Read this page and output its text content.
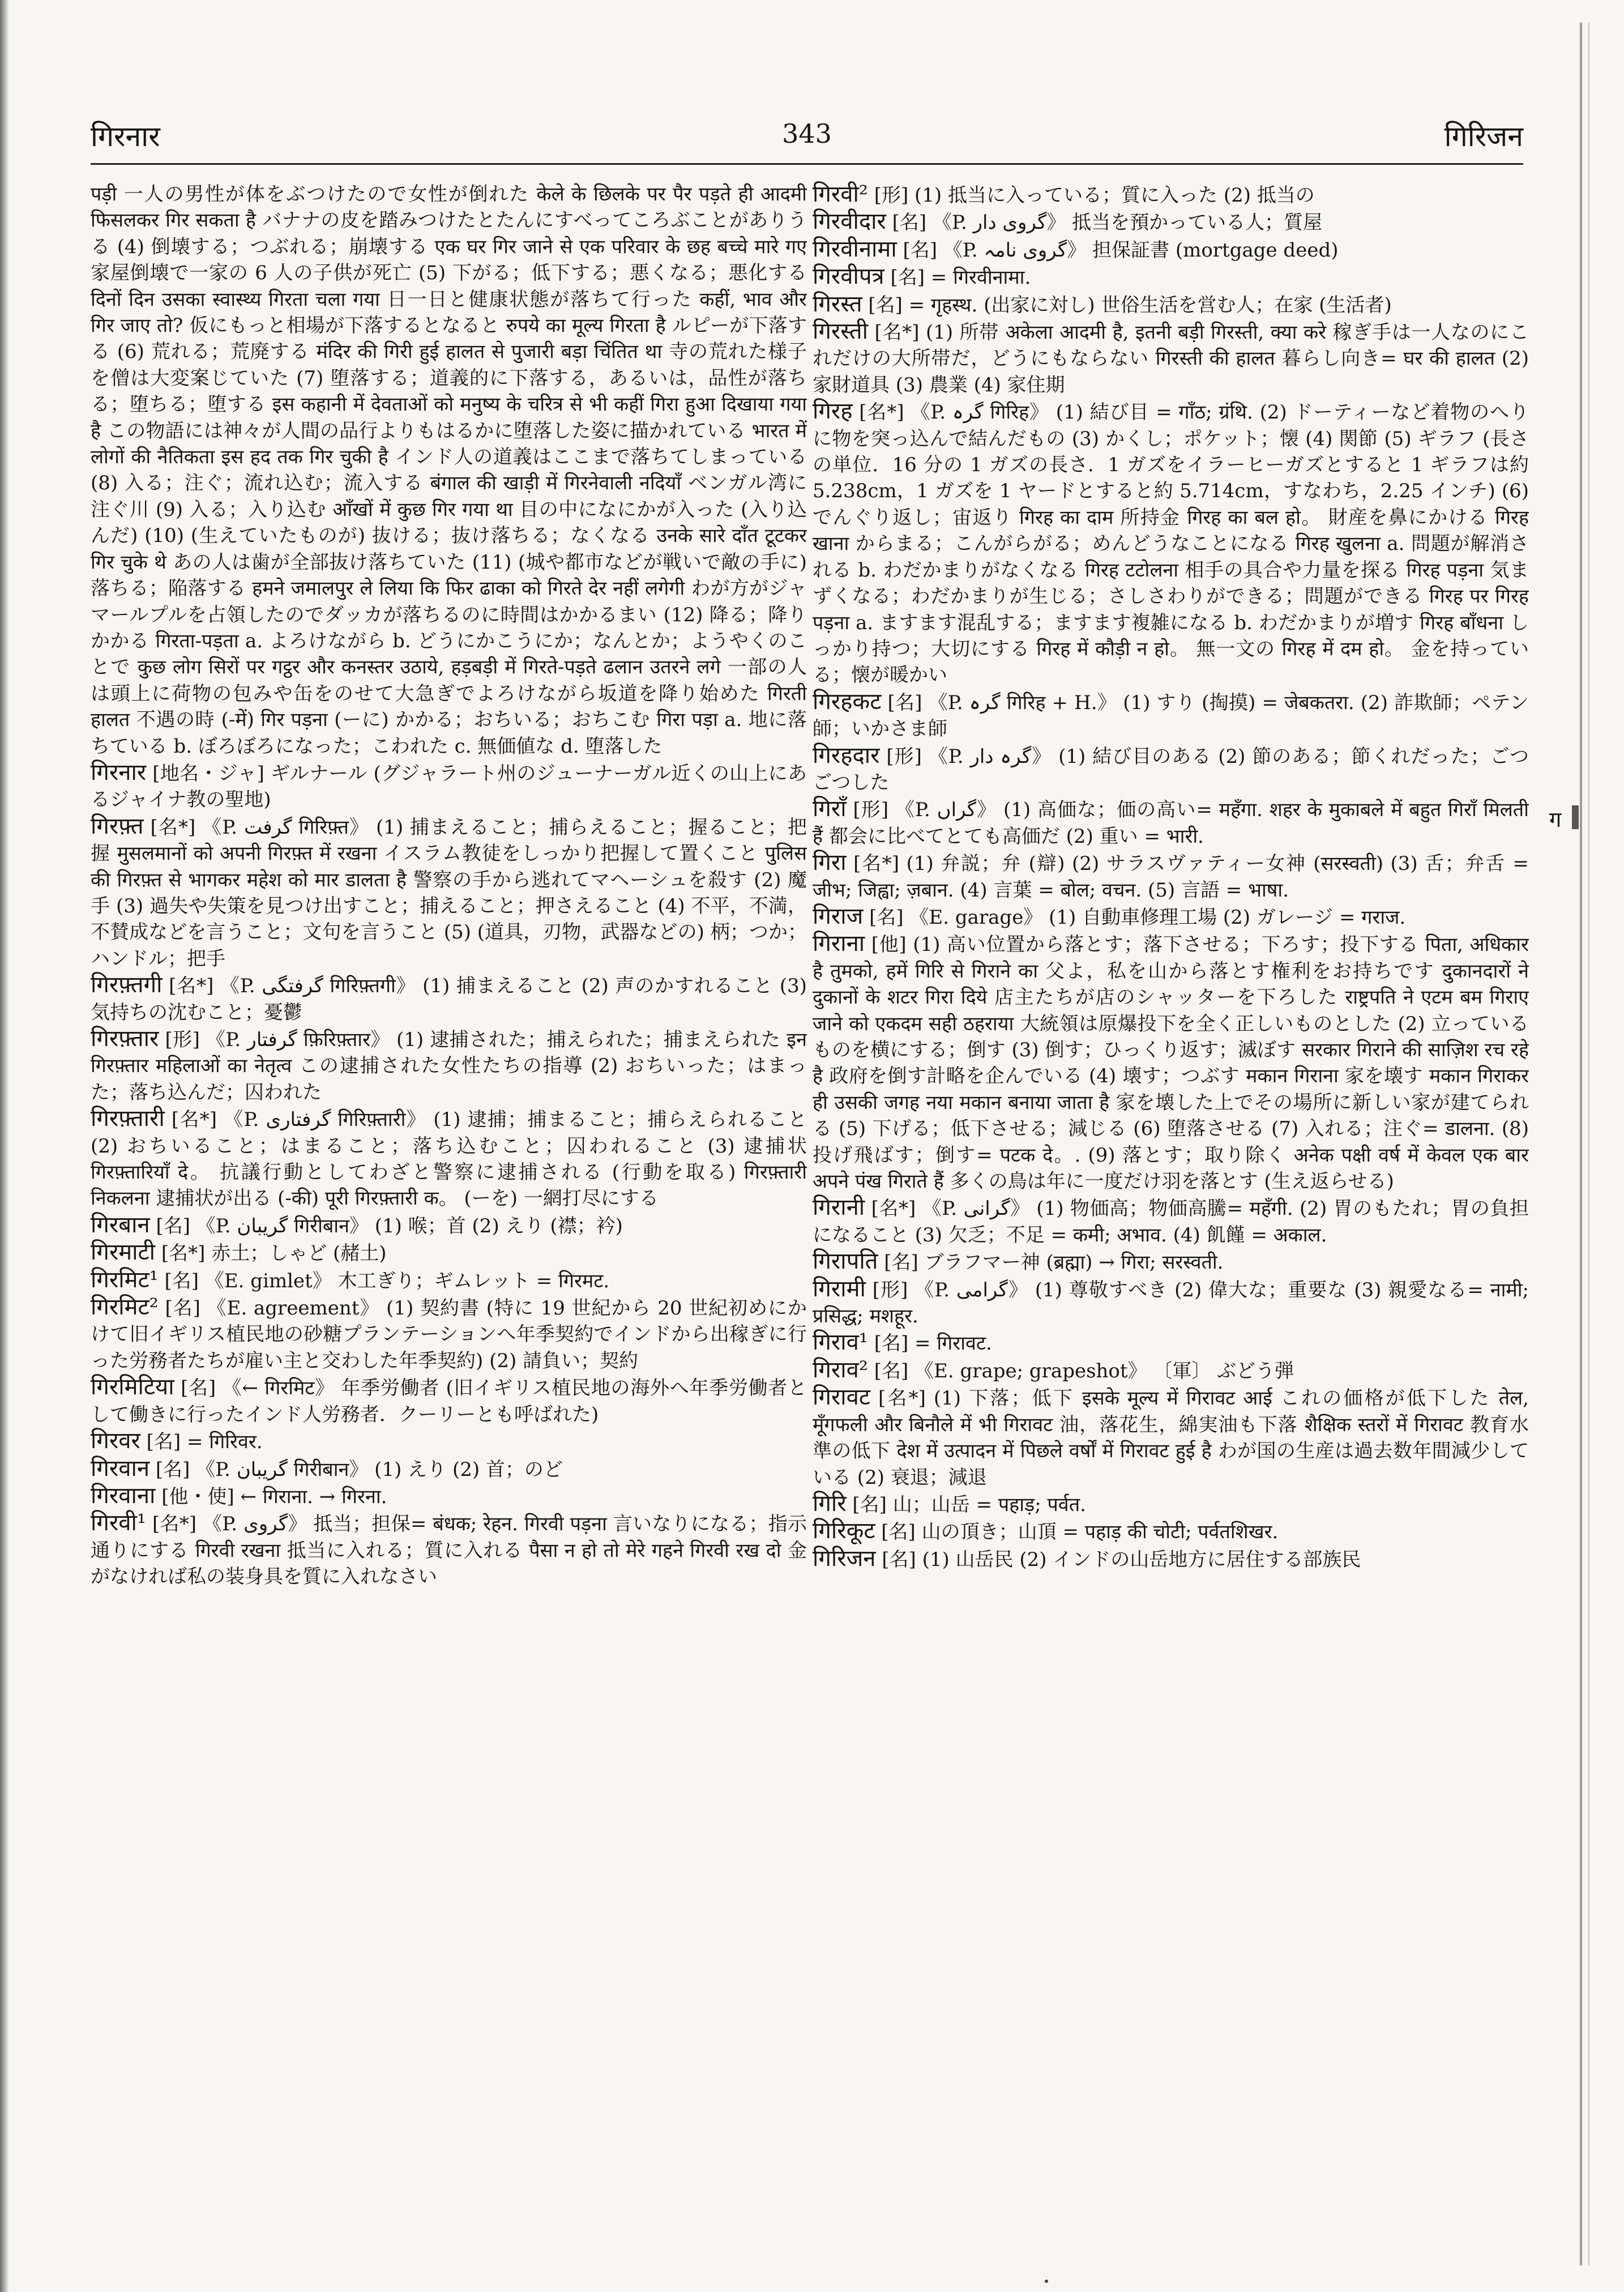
गिरनार	343	गिरिजन

पड़ी 一人の男性が体をぶつけたので女性が倒れた केले के छिलके पर पैर पड़ते ही आदमी फिसलकर गिर सकता है バナナの皮を踏みつけたとたんにすべってころぶことがありうる (4) 倒壊する；つぶれる；崩壊する एक घर गिर जाने से एक परिवार के छह बच्चे मारे गए 家屋倒壊で一家の 6 人の子供が死亡 (5) 下がる；低下する；悪くなる；悪化する दिनों दिन उसका स्वास्थ्य गिरता चला गया 日一日と健康状態が落ちて行った कहीं, भाव और गिर जाए तो? 仮にもっと相場が下落するとなると रुपये का मूल्य गिरता है ルピーが下落する (6) 荒れる；荒廃する मंदिर की गिरी हुई हालत से पुजारी बड़ा चिंतित था 寺の荒れた様子を僧は大変案じていた (7) 堕落する；道義的に下落する，あるいは，品性が落ちる；堕ちる；堕する इस कहानी में देवताओं को मनुष्य के चरित्र से भी कहीं गिरा हुआ दिखाया गया है この物語には神々が人間の品行よりもはるかに堕落した姿に描かれている भारत में लोगों की नैतिकता इस हद तक गिर चुकी है インド人の道義はここまで落ちてしまっている (8) 入る；注ぐ；流れ込む；流入する बंगाल की खाड़ी में गिरनेवाली नदियाँ ベンガル湾に注ぐ川 (9) 入る；入り込む आँखों में कुछ गिर गया था 目の中になにかが入った (入り込んだ) (10) (生えていたものが) 抜ける；抜け落ちる；なくなる उनके सारे दाँत टूटकर गिर चुके थे あの人は歯が全部抜け落ちていた (11) (城や都市などが戦いで敵の手に) 落ちる；陥落する हमने जमालपुर ले लिया कि फिर ढाका को गिरते देर नहीं लगेगी わが方がジャマールプルを占領したのでダッカが落ちるのに時間はかかるまい (12) 降る；降りかかる गिरता-पड़ता a. よろけながら b. どうにかこうにか；なんとか；ようやくのことで कुछ लोग सिरों पर गट्ठर और कनस्तर उठाये, हड़बड़ी में गिरते-पड़ते ढलान उतरने लगे 一部の人は頭上に荷物の包みや缶をのせて大急ぎでよろけながら坂道を降り始めた गिरती हालत 不遇の時 (-में) गिर पड़ना (ーに) かかる；おちいる；おちこむ गिरा पड़ा a. 地に落ちている b. ぼろぼろになった；こわれた c. 無価値な d. 堕落した

गिरनार [地名・ジャ] ギルナール (グジャラート州のジューナーガル近くの山上にあるジャイナ教の聖地)

गिरफ़्त [名*] 《P. گرفت गिरिफ़्त》 (1) 捕まえること；捕らえること；握ること；把握 मुसलमानों को अपनी गिरफ़्त में रखना イスラム教徒をしっかり把握して置くこと पुलिस की गिरफ़्त से भागकर महेश को मार डालता है 警察の手から逃れてマヘーシュを殺す (2) 魔手 (3) 過失や失策を見つけ出すこと；捕えること；押さえること (4) 不平，不満，不賛成などを言うこと；文句を言うこと (5) (道具，刃物，武器などの) 柄；つか；ハンドル；把手

गिरफ़्तगी [名*] 《P. گرفتگی गिरिफ़्तगी》 (1) 捕まえること (2) 声のかすれること (3) 気持ちの沈むこと；憂鬱

गिरफ़्तार [形] 《P. گرفتار फ़िरिफ़्तार》 (1) 逮捕された；捕えられた；捕まえられた इन गिरफ़्तार महिलाओं का नेतृत्व この逮捕された女性たちの指導 (2) おちいった；はまった；落ち込んだ；囚われた

गिरफ़्तारी [名*] 《P. گرفتاری गिरिफ़्तारी》 (1) 逮捕；捕まること；捕らえられること (2) おちいること；はまること；落ち込むこと；囚われること (3) 逮捕状 गिरफ़्तारियाँ दे。 抗議行動としてわざと警察に逮捕される (行動を取る) गिरफ़्तारी निकलना 逮捕状が出る (-की) पूरी गिरफ़्तारी क。 (ーを) 一網打尽にする

गिरबान [名] 《P. گریبان गिरीबान》 (1) 喉；首 (2) えり (襟；衿)

गिरमाटी [名*] 赤土；しゃど (赭土)

गिरमिट¹ [名] 《E. gimlet》 木工ぎり；ギムレット = गिरमट.

गिरमिट² [名] 《E. agreement》 (1) 契約書 (特に 19 世紀から 20 世紀初めにかけて旧イギリス植民地の砂糖プランテーションへ年季契約でインドから出稼ぎに行った労務者たちが雇い主と交わした年季契約) (2) 請負い；契約

गिरमिटिया [名] 《← गिरमिट》 年季労働者 (旧イギリス植民地の海外へ年季労働者として働きに行ったインド人労務者．クーリーとも呼ばれた)

गिरवर [名] = गिरिवर.

गिरवान [名] 《P. گریبان गिरीबान》 (1) えり (2) 首；のど

गिरवाना [他・使] ← गिराना. → गिरना.

गिरवी¹ [名*] 《P. گروی》 抵当；担保= बंधक; रेहन. गिरवी पड़ना 言いなりになる；指示通りにする गिरवी रखना 抵当に入れる；質に入れる पैसा न हो तो मेरे गहने गिरवी रख दो 金がなければ私の装身具を質に入れなさい

गिरवी² [形] (1) 抵当に入っている；質に入った (2) 抵当の

गिरवीदार [名] 《P. گروی دار》 抵当を預かっている人；質屋

गिरवीनामा [名] 《P. گروی نامہ》 担保証書 (mortgage deed)

गिरवीपत्र [名] = गिरवीनामा.

गिरस्त [名] = गृहस्थ. (出家に対し) 世俗生活を営む人；在家 (生活者)

गिरस्ती [名*] (1) 所帯 अकेला आदमी है, इतनी बड़ी गिरस्ती, क्या करे 稼ぎ手は一人なのにこれだけの大所帯だ，どうにもならない गिरस्ती की हालत 暮らし向き= घर की हालत (2) 家財道具 (3) 農業 (4) 家住期

गिरह [名*] 《P. گرہ गिरिह》 (1) 結び目 = गाँठ; ग्रंथि. (2) ドーティーなど着物のへりに物を突っ込んで結んだもの (3) かくし；ポケット；懐 (4) 関節 (5) ギラフ (長さの単位．16 分の 1 ガズの長さ．1 ガズをイラーヒーガズとすると 1 ギラフは約 5.238cm，1 ガズを 1 ヤードとすると約 5.714cm，すなわち，2.25 インチ) (6) でんぐり返し；宙返り गिरह का दाम 所持金 गिरह का बल हो。 財産を鼻にかける गिरह खाना からまる；こんがらがる；めんどうなことになる गिरह खुलना a. 問題が解消される b. わだかまりがなくなる गिरह टटोलना 相手の具合や力量を探る गिरह पड़ना 気まずくなる；わだかまりが生じる；さしさわりができる；問題ができる गिरह पर गिरह पड़ना a. ますます混乱する；ますます複雑になる b. わだかまりが増す गिरह बाँधना しっかり持つ；大切にする गिरह में कौड़ी न हो。 無一文の गिरह में दम हो。 金を持っている；懐が暖かい

गिरहकट [名] 《P. گرہ गिरिह + H.》 (1) すり (掏摸) = जेबकतरा. (2) 詐欺師；ペテン師；いかさま師

गिरहदार [形] 《P. گرہ دار》 (1) 結び目のある (2) 節のある；節くれだった；ごつごつした

गिराँ [形] 《P. گراں》 (1) 高価な；価の高い= महँगा. शहर के मुकाबले में बहुत गिराँ मिलती हैं 都会に比べてとても高価だ (2) 重い = भारी.

गिरा [名*] (1) 弁説；弁 (辯) (2) サラスヴァティー女神 (सरस्वती) (3) 舌；弁舌 = जीभ; जिह्वा; ज़बान. (4) 言葉 = बोल; वचन. (5) 言語 = भाषा.

गिराज [名] 《E. garage》 (1) 自動車修理工場 (2) ガレージ = गराज.

गिराना [他] (1) 高い位置から落とす；落下させる；下ろす；投下する पिता, अधिकार है तुमको, हमें गिरि से गिराने का 父よ，私を山から落とす権利をお持ちです दुकानदारों ने दुकानों के शटर गिरा दिये 店主たちが店のシャッターを下ろした राष्ट्रपति ने एटम बम गिराए जाने को एकदम सही ठहराया 大統領は原爆投下を全く正しいものとした (2) 立っているものを横にする；倒す (3) 倒す；ひっくり返す；滅ぼす सरकार गिराने की साज़िश रच रहे है 政府を倒す計略を企んでいる (4) 壊す；つぶす मकान गिराना 家を壊す मकान गिराकर ही उसकी जगह नया मकान बनाया जाता है 家を壊した上でその場所に新しい家が建てられる (5) 下げる；低下させる；減じる (6) 堕落させる (7) 入れる；注ぐ= डालना. (8) 投げ飛ばす；倒す= पटक दे。. (9) 落とす；取り除く अनेक पक्षी वर्ष में केवल एक बार अपने पंख गिराते हैं 多くの鳥は年に一度だけ羽を落とす (生え返らせる)

गिरानी [名*] 《P. گرانی》 (1) 物価高；物価高騰= महँगी. (2) 胃のもたれ；胃の負担になること (3) 欠乏；不足 = कमी; अभाव. (4) 飢饉 = अकाल.

गिरापति [名] ブラフマー神 (ब्रह्मा) → गिरा; सरस्वती.

गिरामी [形] 《P. گرامی》 (1) 尊敬すべき (2) 偉大な；重要な (3) 親愛なる= नामी; प्रसिद्ध; मशहूर.

गिराव¹ [名] = गिरावट.

गिराव² [名] 《E. grape; grapeshot》 〔軍〕 ぶどう弾

गिरावट [名*] (1) 下落；低下 इसके मूल्य में गिरावट आई これの価格が低下した तेल, मूँगफली और बिनौले में भी गिरावट 油，落花生，綿実油も下落 शैक्षिक स्तरों में गिरावट 教育水準の低下 देश में उत्पादन में पिछले वर्षों में गिरावट हुई है わが国の生産は過去数年間減少している (2) 衰退；減退

गिरि [名] 山；山岳 = पहाड़; पर्वत.

गिरिकूट [名] 山の頂き；山頂 = पहाड़ की चोटी; पर्वतशिखर.

गिरिजन [名] (1) 山岳民 (2) インドの山岳地方に居住する部族民

ग
